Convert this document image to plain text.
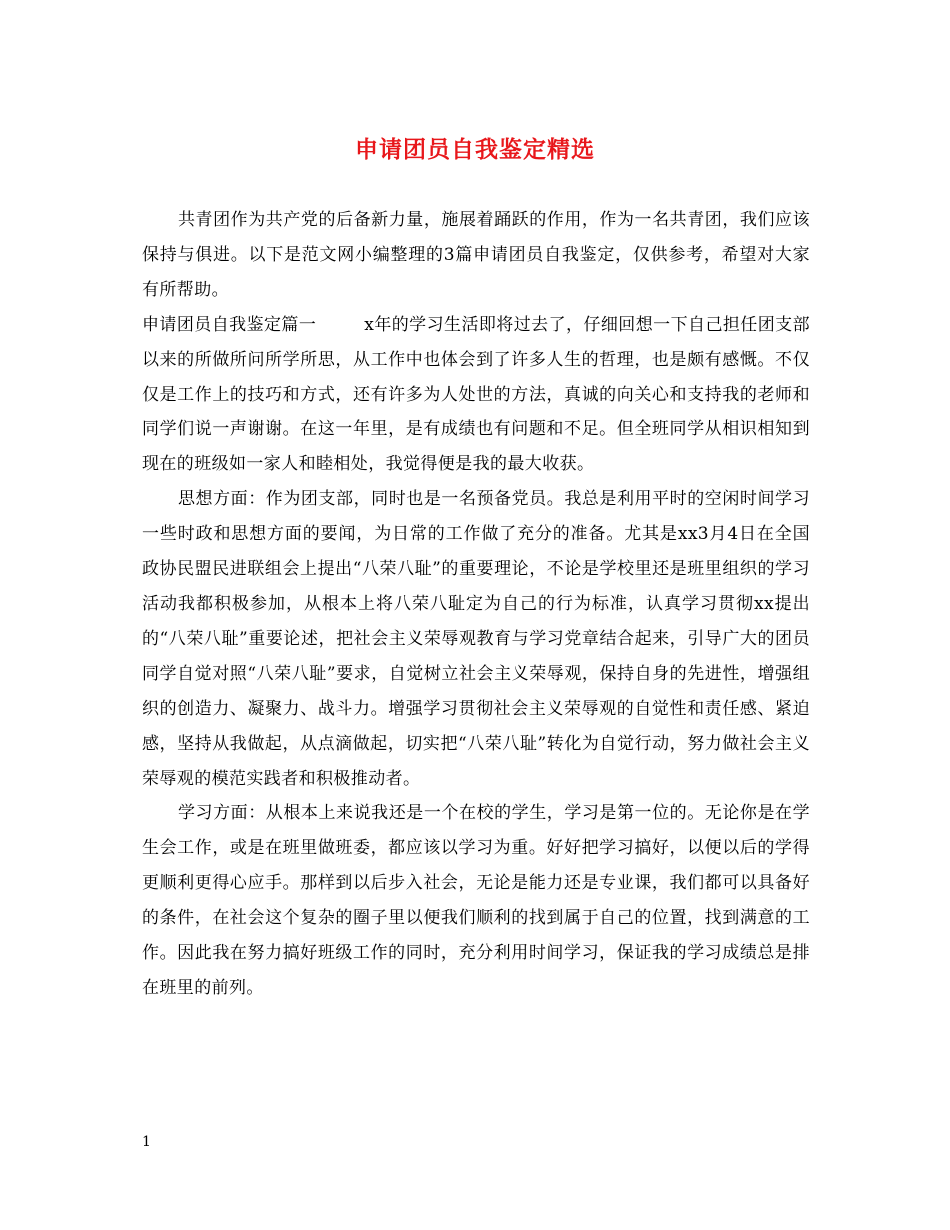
申请团员自我鉴定精选

共青团作为共产党的后备新力量，施展着踊跃的作用，作为一名共青团，我们应该保持与俱进。以下是范文网小编整理的3篇申请团员自我鉴定，仅供参考，希望对大家有所帮助。

申请团员自我鉴定篇一	x年的学习生活即将过去了，仔细回想一下自己担任团支部以来的所做所问所学所思，从工作中也体会到了许多人生的哲理，也是颇有感慨。不仅仅是工作上的技巧和方式，还有许多为人处世的方法，真诚的向关心和支持我的老师和同学们说一声谢谢。在这一年里，是有成绩也有问题和不足。但全班同学从相识相知到现在的班级如一家人和睦相处，我觉得便是我的最大收获。

思想方面：作为团支部，同时也是一名预备党员。我总是利用平时的空闲时间学习一些时政和思想方面的要闻，为日常的工作做了充分的准备。尤其是xx3月4日在全国政协民盟民进联组会上提出“八荣八耻”的重要理论，不论是学校里还是班里组织的学习活动我都积极参加，从根本上将八荣八耻定为自己的行为标准，认真学习贯彻xx提出的“八荣八耻”重要论述，把社会主义荣辱观教育与学习党章结合起来，引导广大的团员同学自觉对照“八荣八耻”要求，自觉树立社会主义荣辱观，保持自身的先进性，增强组织的创造力、凝聚力、战斗力。增强学习贯彻社会主义荣辱观的自觉性和责任感、紧迫感，坚持从我做起，从点滴做起，切实把“八荣八耻”转化为自觉行动，努力做社会主义荣辱观的模范实践者和积极推动者。

学习方面：从根本上来说我还是一个在校的学生，学习是第一位的。无论你是在学生会工作，或是在班里做班委，都应该以学习为重。好好把学习搞好，以便以后的学得更顺利更得心应手。那样到以后步入社会，无论是能力还是专业课，我们都可以具备好的条件，在社会这个复杂的圈子里以便我们顺利的找到属于自己的位置，找到满意的工作。因此我在努力搞好班级工作的同时，充分利用时间学习，保证我的学习成绩总是排在班里的前列。

1
